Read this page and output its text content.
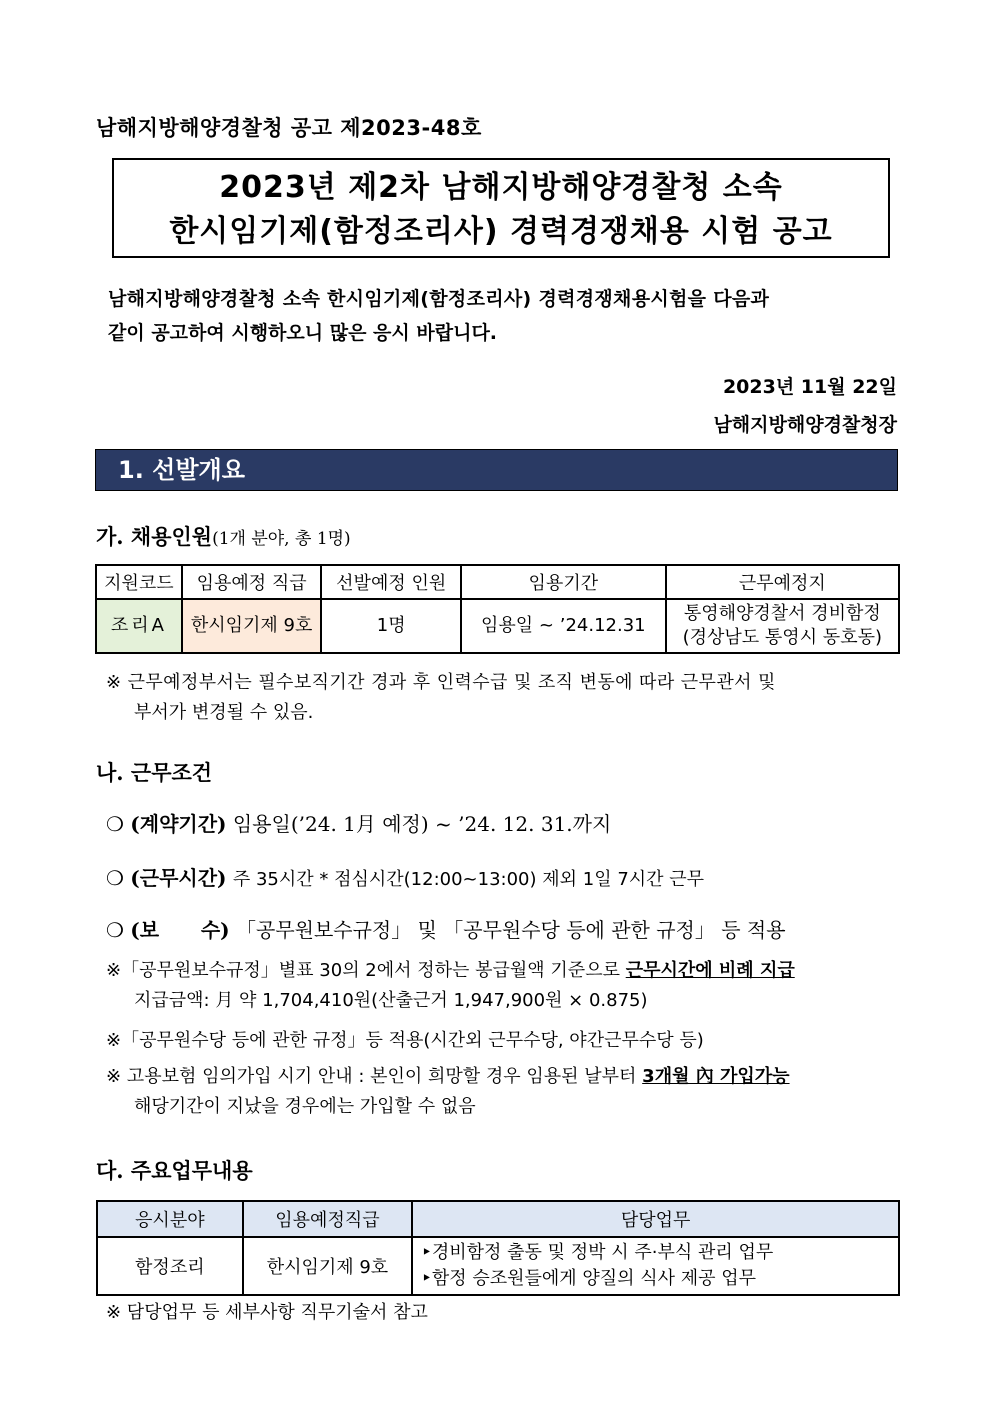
남해지방해양경찰청 공고 제2023-48호
2023년 제2차 남해지방해양경찰청 소속
한시임기제(함정조리사) 경력경쟁채용 시험 공고
남해지방해양경찰청 소속 한시임기제(함정조리사) 경력경쟁채용시험을 다음과
같이 공고하여 시행하오니 많은 응시 바랍니다.
2023년 11월 22일
남해지방해양경찰청장
1. 선발개요
가. 채용인원(1개 분야, 총 1명)
지원코드	임용예정 직급	선발예정 인원	임용기간	근무예정지
조리A	한시임기제 9호	1명	임용일 ~ ’24.12.31	통영해양경찰서 경비함정
(경상남도 통영시 동호동)
※ 근무예정부서는 필수보직기간 경과 후 인력수급 및 조직 변동에 따라 근무관서 및
부서가 변경될 수 있음.
나. 근무조건
❍ (계약기간) 임용일(’24. 1月 예정) ~ ’24. 12. 31.까지
❍ (근무시간) 주 35시간 * 점심시간(12:00~13:00) 제외 1일 7시간 근무
❍ (보      수) 「공무원보수규정」 및 「공무원수당 등에 관한 규정」 등 적용
※「공무원보수규정」별표 30의 2에서 정하는 봉급월액 기준으로 근무시간에 비례 지급
지급금액: 月 약 1,704,410원(산출근거 1,947,900원 × 0.875)
※「공무원수당 등에 관한 규정」등 적용(시간외 근무수당, 야간근무수당 등)
※ 고용보험 임의가입 시기 안내 : 본인이 희망할 경우 임용된 날부터 3개월 內 가입가능
해당기간이 지났을 경우에는 가입할 수 없음
다. 주요업무내용
응시분야	임용예정직급	담당업무
함정조리	한시임기제 9호	‣경비함정 출동 및 정박 시 주·부식 관리 업무
‣함정 승조원들에게 양질의 식사 제공 업무
※ 담당업무 등 세부사항 직무기술서 참고
